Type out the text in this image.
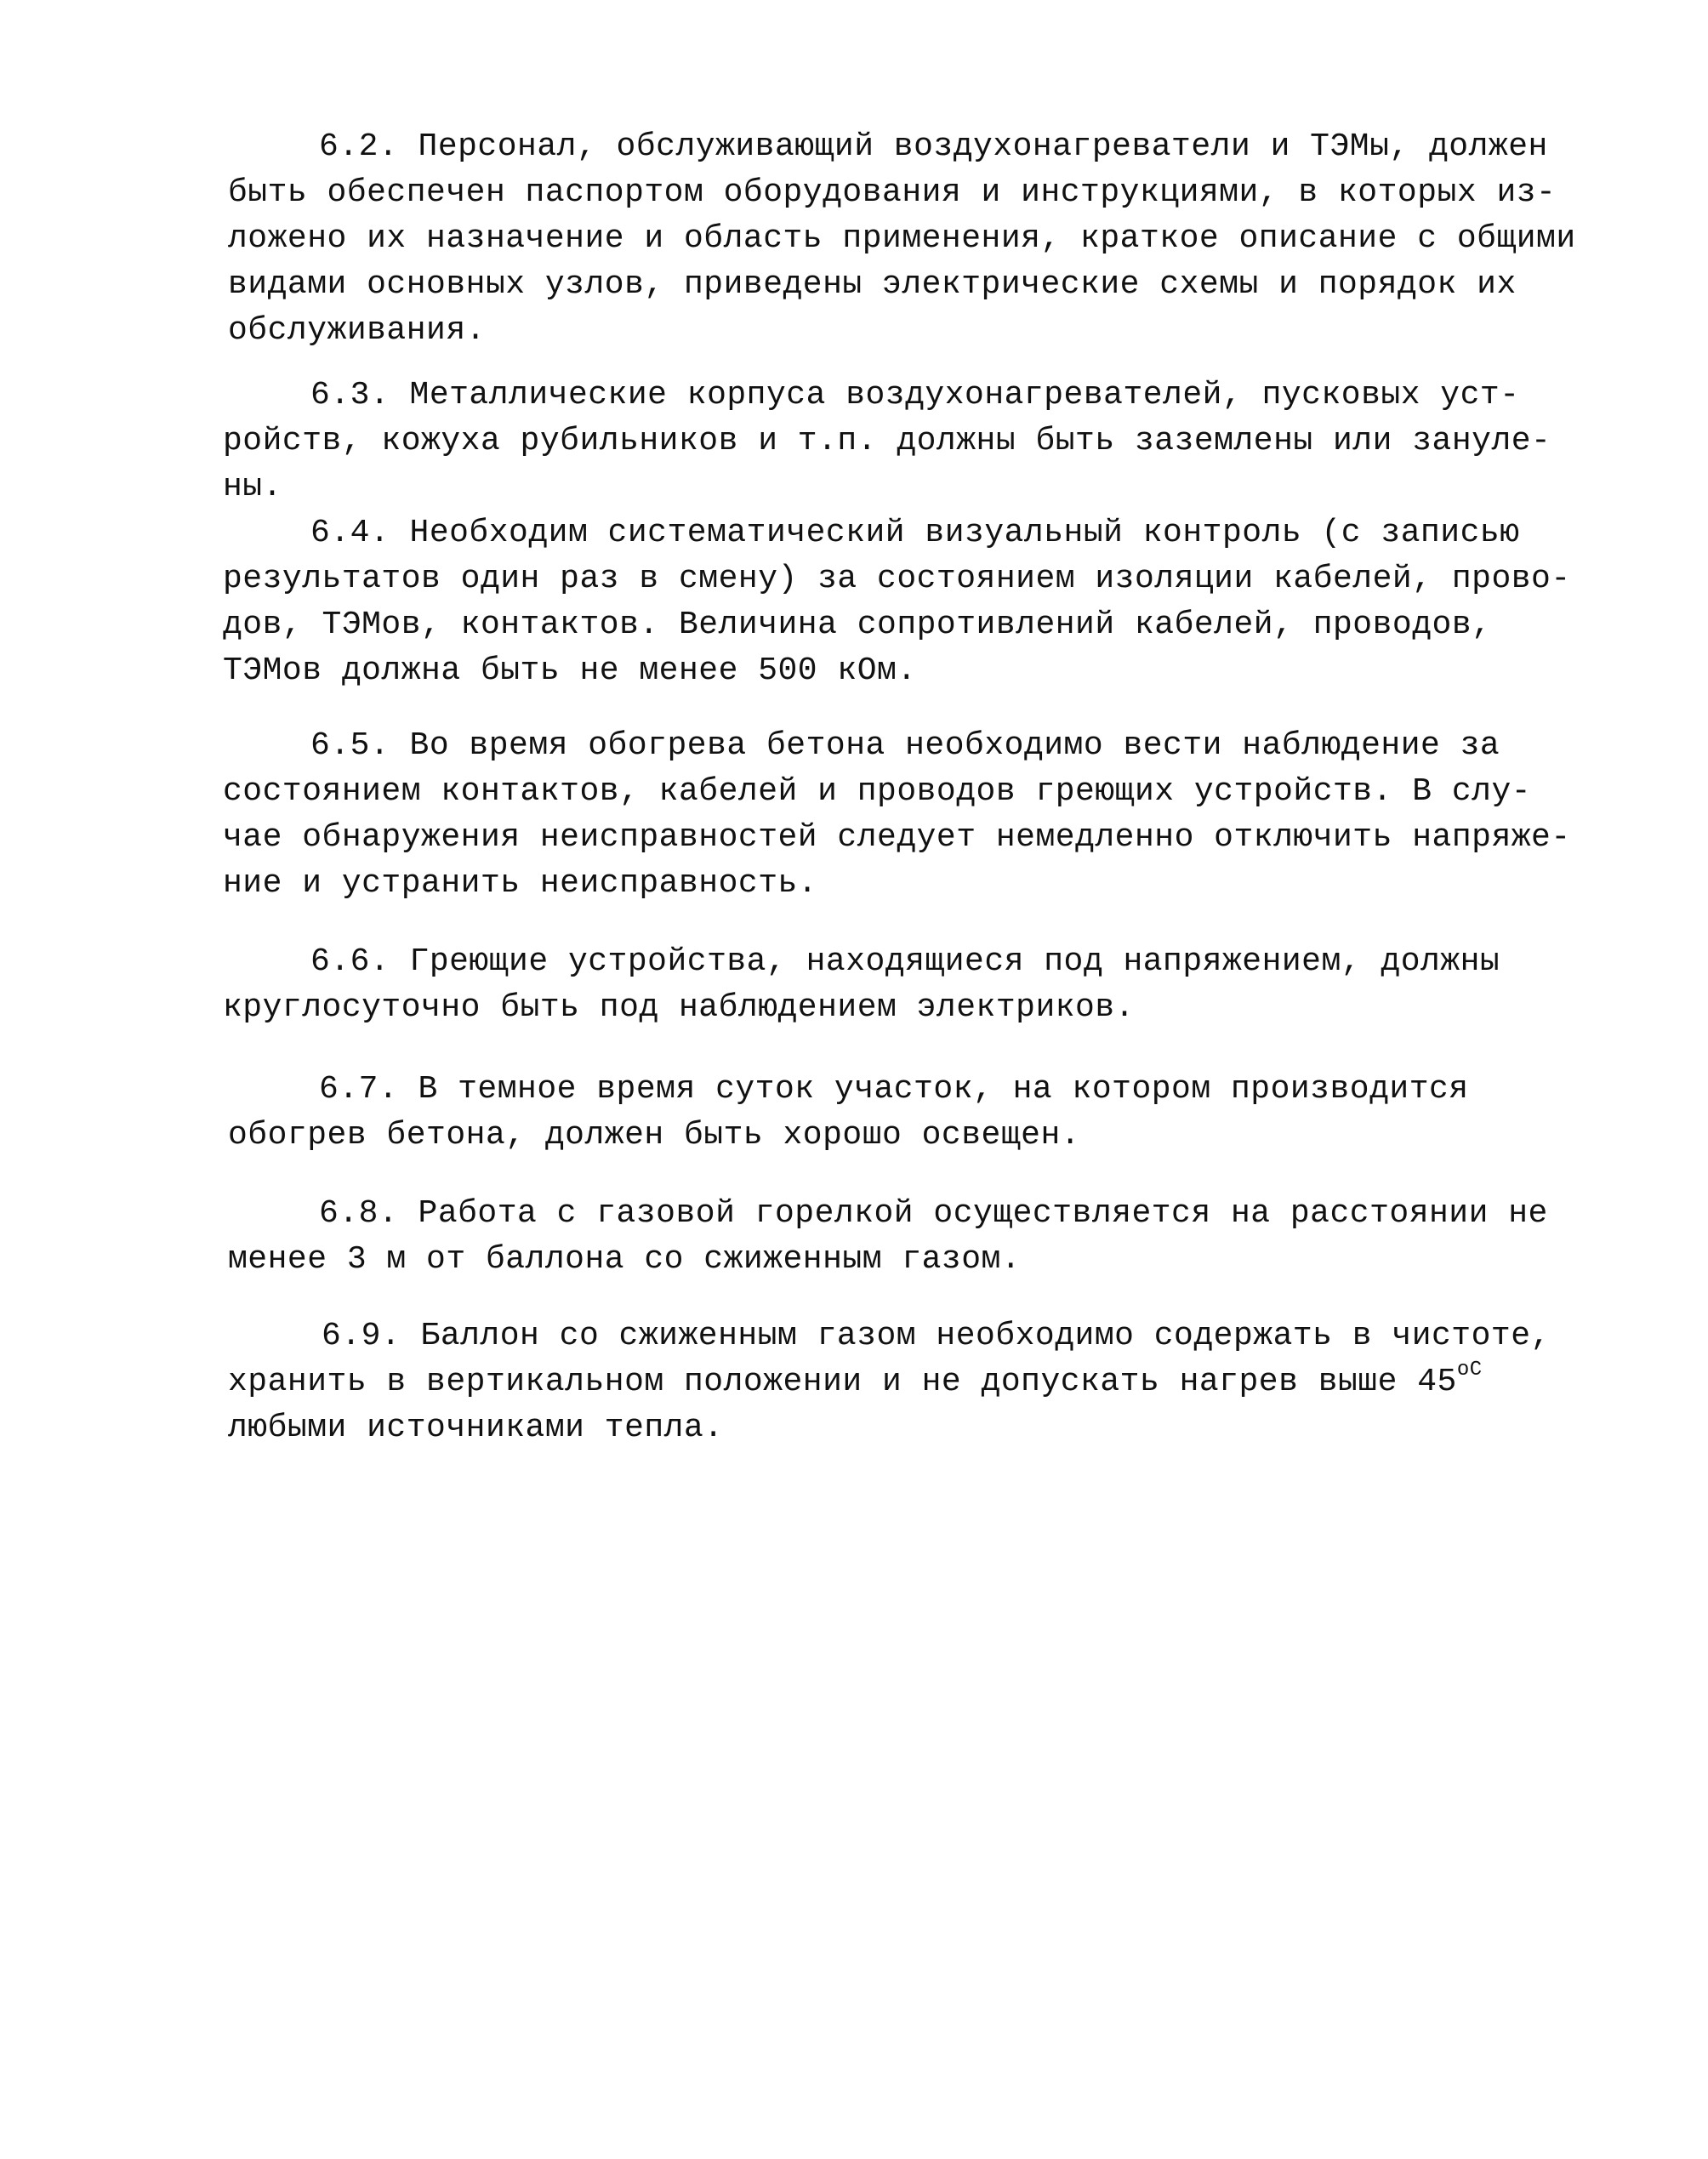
6.2. Персонал, обслуживающий воздухонагреватели и ТЭМы, должен
быть обеспечен паспортом оборудования и инструкциями, в которых из-
ложено их назначение и область применения, краткое описание с общими
видами основных узлов, приведены электрические схемы и порядок их
обслуживания.
6.3. Металлические корпуса воздухонагревателей, пусковых уст-
ройств, кожуха рубильников и т.п. должны быть заземлены или зануле-
ны.
6.4. Необходим систематический визуальный контроль (с записью
результатов один раз в смену) за состоянием изоляции кабелей, прово-
дов, ТЭМов, контактов. Величина сопротивлений кабелей, проводов,
ТЭМов должна быть не менее 500 кОм.
6.5. Во время обогрева бетона необходимо вести наблюдение за
состоянием контактов, кабелей и проводов греющих устройств. В слу-
чае обнаружения неисправностей следует немедленно отключить напряже-
ние и устранить неисправность.
6.6. Греющие устройства, находящиеся под напряжением, должны
круглосуточно быть под наблюдением электриков.
6.7. В темное время суток участок, на котором производится
обогрев бетона, должен быть хорошо освещен.
6.8. Работа с газовой горелкой осуществляется на расстоянии не
менее 3 м от баллона со сжиженным газом.
6.9. Баллон со сжиженным газом необходимо содержать в чистоте,
хранить в вертикальном положении и не допускать нагрев выше $45^{оС}$
любыми источниками тепла.
